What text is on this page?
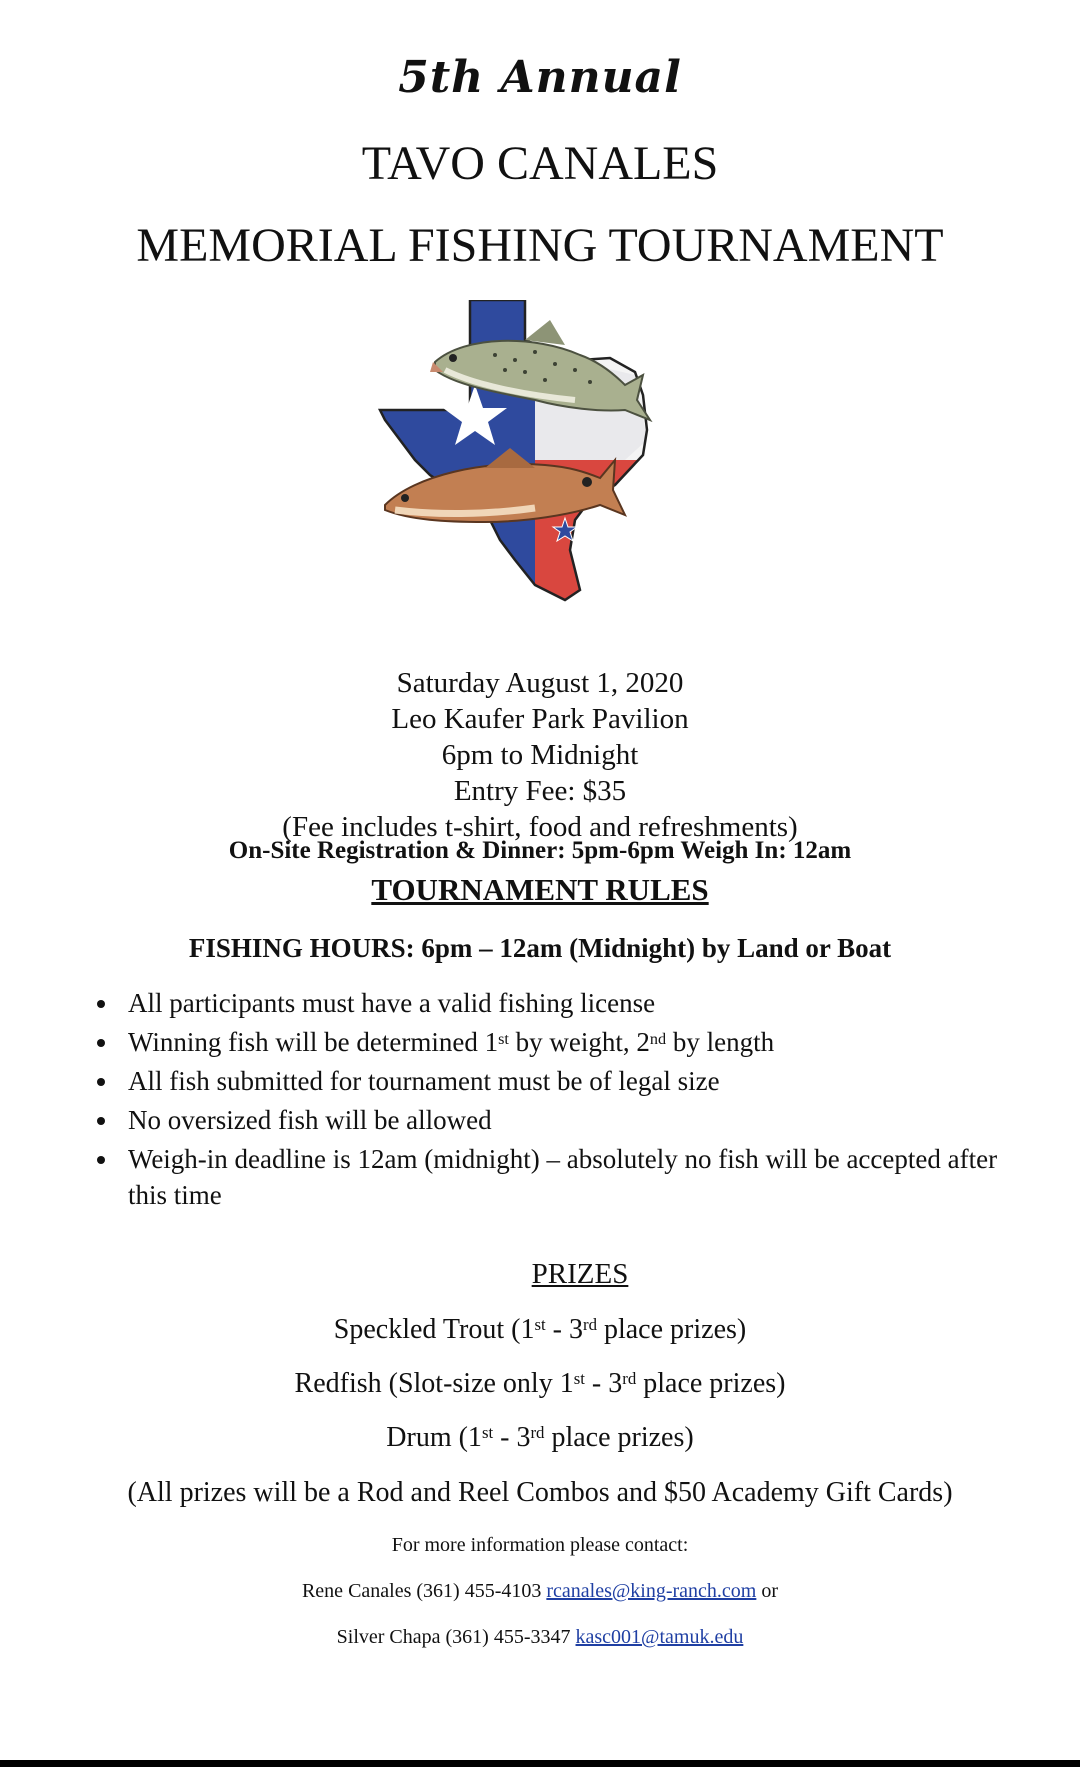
5th Annual
TAVO CANALES
MEMORIAL FISHING TOURNAMENT
Saturday August 1, 2020
Leo Kaufer Park Pavilion
6pm to Midnight
Entry Fee: $35
(Fee includes t-shirt, food and refreshments)
On-Site Registration & Dinner: 5pm-6pm Weigh In: 12am
TOURNAMENT RULES
FISHING HOURS: 6pm – 12am (Midnight) by Land or Boat
All participants must have a valid fishing license
Winning fish will be determined 1st by weight, 2nd by length
All fish submitted for tournament must be of legal size
No oversized fish will be allowed
Weigh-in deadline is 12am (midnight) – absolutely no fish will be accepted after this time
PRIZES
Speckled Trout (1st - 3rd place prizes)
Redfish (Slot-size only 1st - 3rd place prizes)
Drum (1st - 3rd place prizes)
(All prizes will be a Rod and Reel Combos and $50 Academy Gift Cards)
For more information please contact:
Rene Canales (361) 455-4103 rcanales@king-ranch.com or
Silver Chapa (361) 455-3347 kasc001@tamuk.edu
